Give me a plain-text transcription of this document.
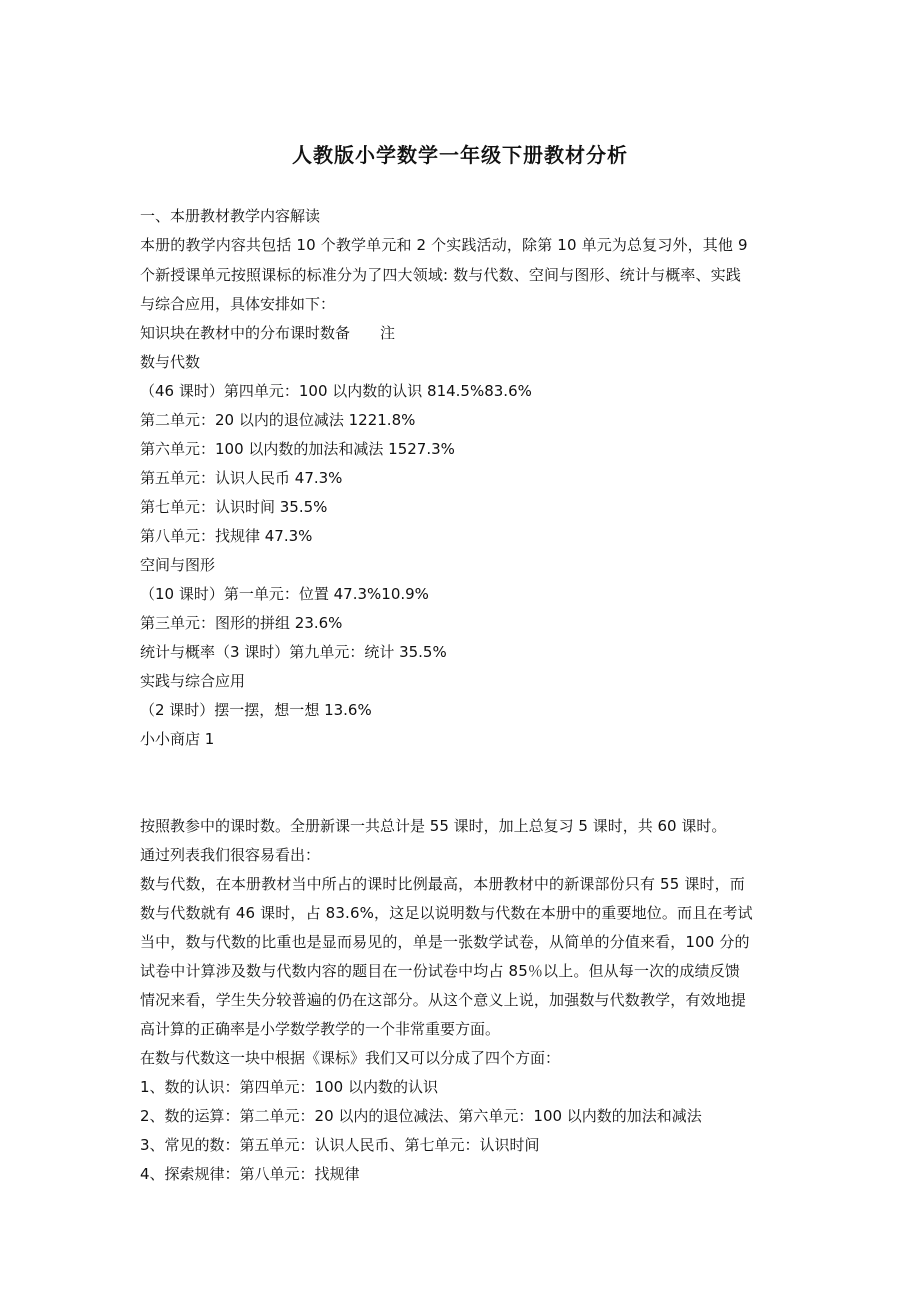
人教版小学数学一年级下册教材分析
一、本册教材教学内容解读
本册的教学内容共包括 10 个教学单元和 2 个实践活动，除第 10 单元为总复习外，其他 9
个新授课单元按照课标的标准分为了四大领域: 数与代数、空间与图形、统计与概率、实践
与综合应用，具体安排如下：
知识块在教材中的分布课时数备　　注
数与代数
（46 课时）第四单元：100 以内数的认识 814.5%83.6%
第二单元：20 以内的退位减法 1221.8%
第六单元：100 以内数的加法和减法 1527.3%
第五单元：认识人民币 47.3%
第七单元：认识时间 35.5%
第八单元：找规律 47.3%
空间与图形
（10 课时）第一单元：位置 47.3%10.9%
第三单元：图形的拼组 23.6%
统计与概率（3 课时）第九单元：统计 35.5%
实践与综合应用
（2 课时）摆一摆，想一想 13.6%
小小商店 1
按照教参中的课时数。全册新课一共总计是 55 课时，加上总复习 5 课时，共 60 课时。
通过列表我们很容易看出：
数与代数，在本册教材当中所占的课时比例最高，本册教材中的新课部份只有 55 课时，而
数与代数就有 46 课时，占 83.6%，这足以说明数与代数在本册中的重要地位。而且在考试
当中，数与代数的比重也是显而易见的，单是一张数学试卷，从简单的分值来看，100 分的
试卷中计算涉及数与代数内容的题目在一份试卷中均占 85％以上。但从每一次的成绩反馈
情况来看，学生失分较普遍的仍在这部分。从这个意义上说，加强数与代数教学，有效地提
高计算的正确率是小学数学教学的一个非常重要方面。
在数与代数这一块中根据《课标》我们又可以分成了四个方面：
1、数的认识：第四单元：100 以内数的认识
2、数的运算：第二单元：20 以内的退位减法、第六单元：100 以内数的加法和减法
3、常见的数：第五单元：认识人民币、第七单元：认识时间
4、探索规律：第八单元：找规律
